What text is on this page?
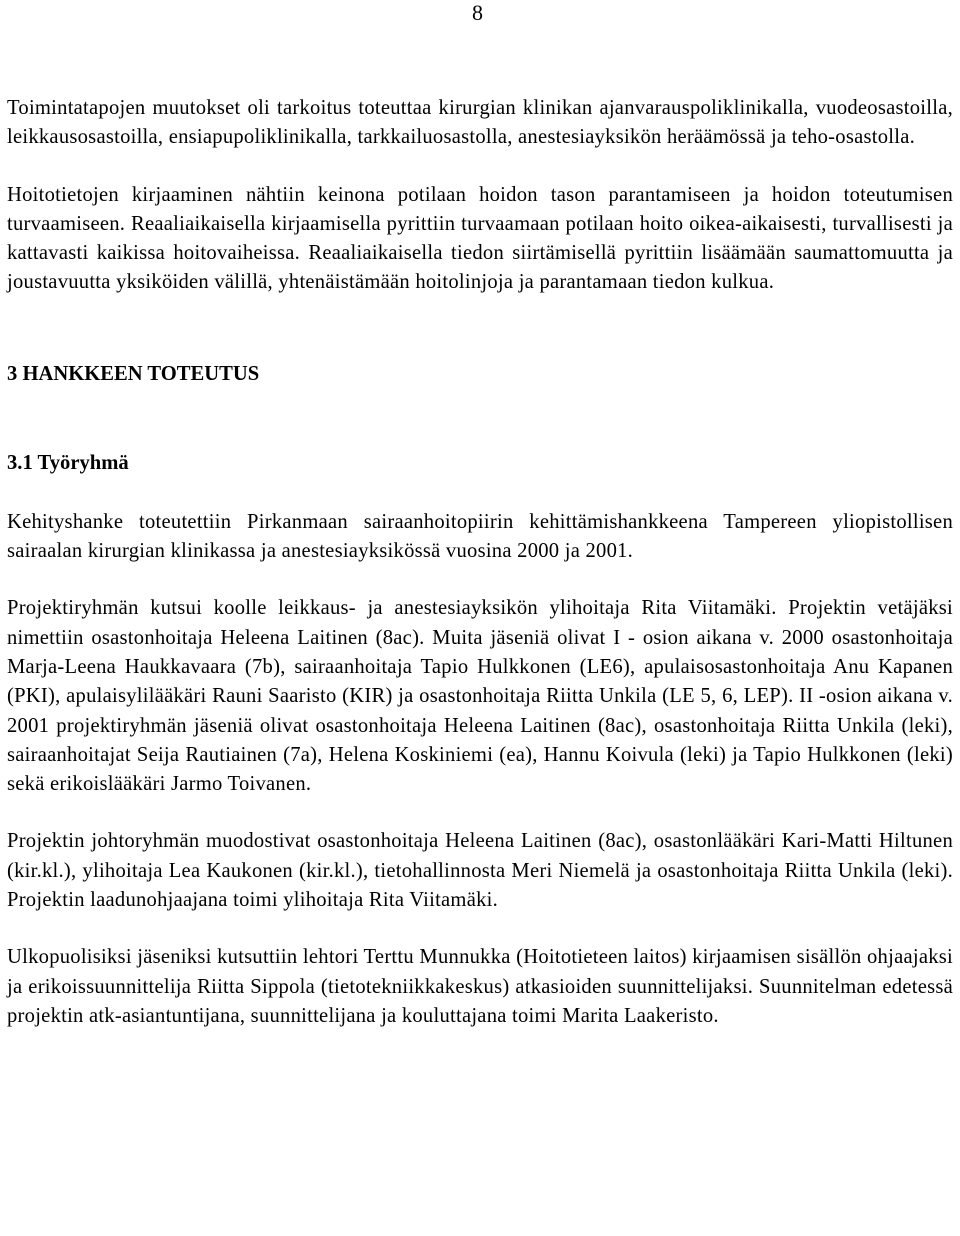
8

Toimintatapojen muutokset oli tarkoitus toteuttaa kirurgian klinikan ajanvarauspoliklinikalla, vuodeosastoilla, leikkausosastoilla, ensiapupoliklinikalla, tarkkailuosastolla, anestesiayksikön heräämössä ja teho-osastolla.

Hoitotietojen kirjaaminen nähtiin keinona potilaan hoidon tason parantamiseen ja hoidon toteutumisen turvaamiseen. Reaaliaikaisella kirjaamisella pyrittiin turvaamaan potilaan hoito oikea-aikaisesti, turvallisesti ja kattavasti kaikissa hoitovaiheissa. Reaaliaikaisella tiedon siirtämisellä pyrittiin lisäämään saumattomuutta ja joustavuutta yksiköiden välillä, yhtenäistämään hoitolinjoja ja parantamaan tiedon kulkua.

3 HANKKEEN TOTEUTUS
3.1 Työryhmä

Kehityshanke toteutettiin Pirkanmaan sairaanhoitopiirin kehittämishankkeena Tampereen yliopistollisen sairaalan kirurgian klinikassa ja anestesiayksikössä vuosina 2000 ja 2001.

Projektiryhmän kutsui koolle leikkaus- ja anestesiayksikön ylihoitaja Rita Viitamäki. Projektin vetäjäksi nimettiin osastonhoitaja Heleena Laitinen (8ac). Muita jäseniä olivat I - osion aikana v. 2000 osastonhoitaja Marja-Leena Haukkavaara (7b), sairaanhoitaja Tapio Hulkkonen (LE6), apulaisosastonhoitaja Anu Kapanen (PKI), apulaisylilääkäri Rauni Saaristo (KIR) ja osastonhoitaja Riitta Unkila (LE 5, 6, LEP). II -osion aikana v. 2001 projektiryhmän jäseniä olivat osastonhoitaja Heleena Laitinen (8ac), osastonhoitaja Riitta Unkila (leki), sairaanhoitajat Seija Rautiainen (7a), Helena Koskiniemi (ea), Hannu Koivula (leki) ja Tapio Hulkkonen (leki) sekä erikoislääkäri Jarmo Toivanen.

Projektin johtoryhmän muodostivat osastonhoitaja Heleena Laitinen (8ac), osastonlääkäri Kari-Matti Hiltunen (kir.kl.), ylihoitaja Lea Kaukonen (kir.kl.), tietohallinnosta Meri Niemelä ja osastonhoitaja Riitta Unkila (leki). Projektin laadunohjaajana toimi ylihoitaja Rita Viitamäki.

Ulkopuolisiksi jäseniksi kutsuttiin lehtori Terttu Munnukka (Hoitotieteen laitos) kirjaamisen sisällön ohjaajaksi ja erikoissuunnittelija Riitta Sippola (tietotekniikkakeskus) atkasioiden suunnittelijaksi. Suunnitelman edetessä projektin atk-asiantuntijana, suunnittelijana ja kouluttajana toimi Marita Laakeristo.
